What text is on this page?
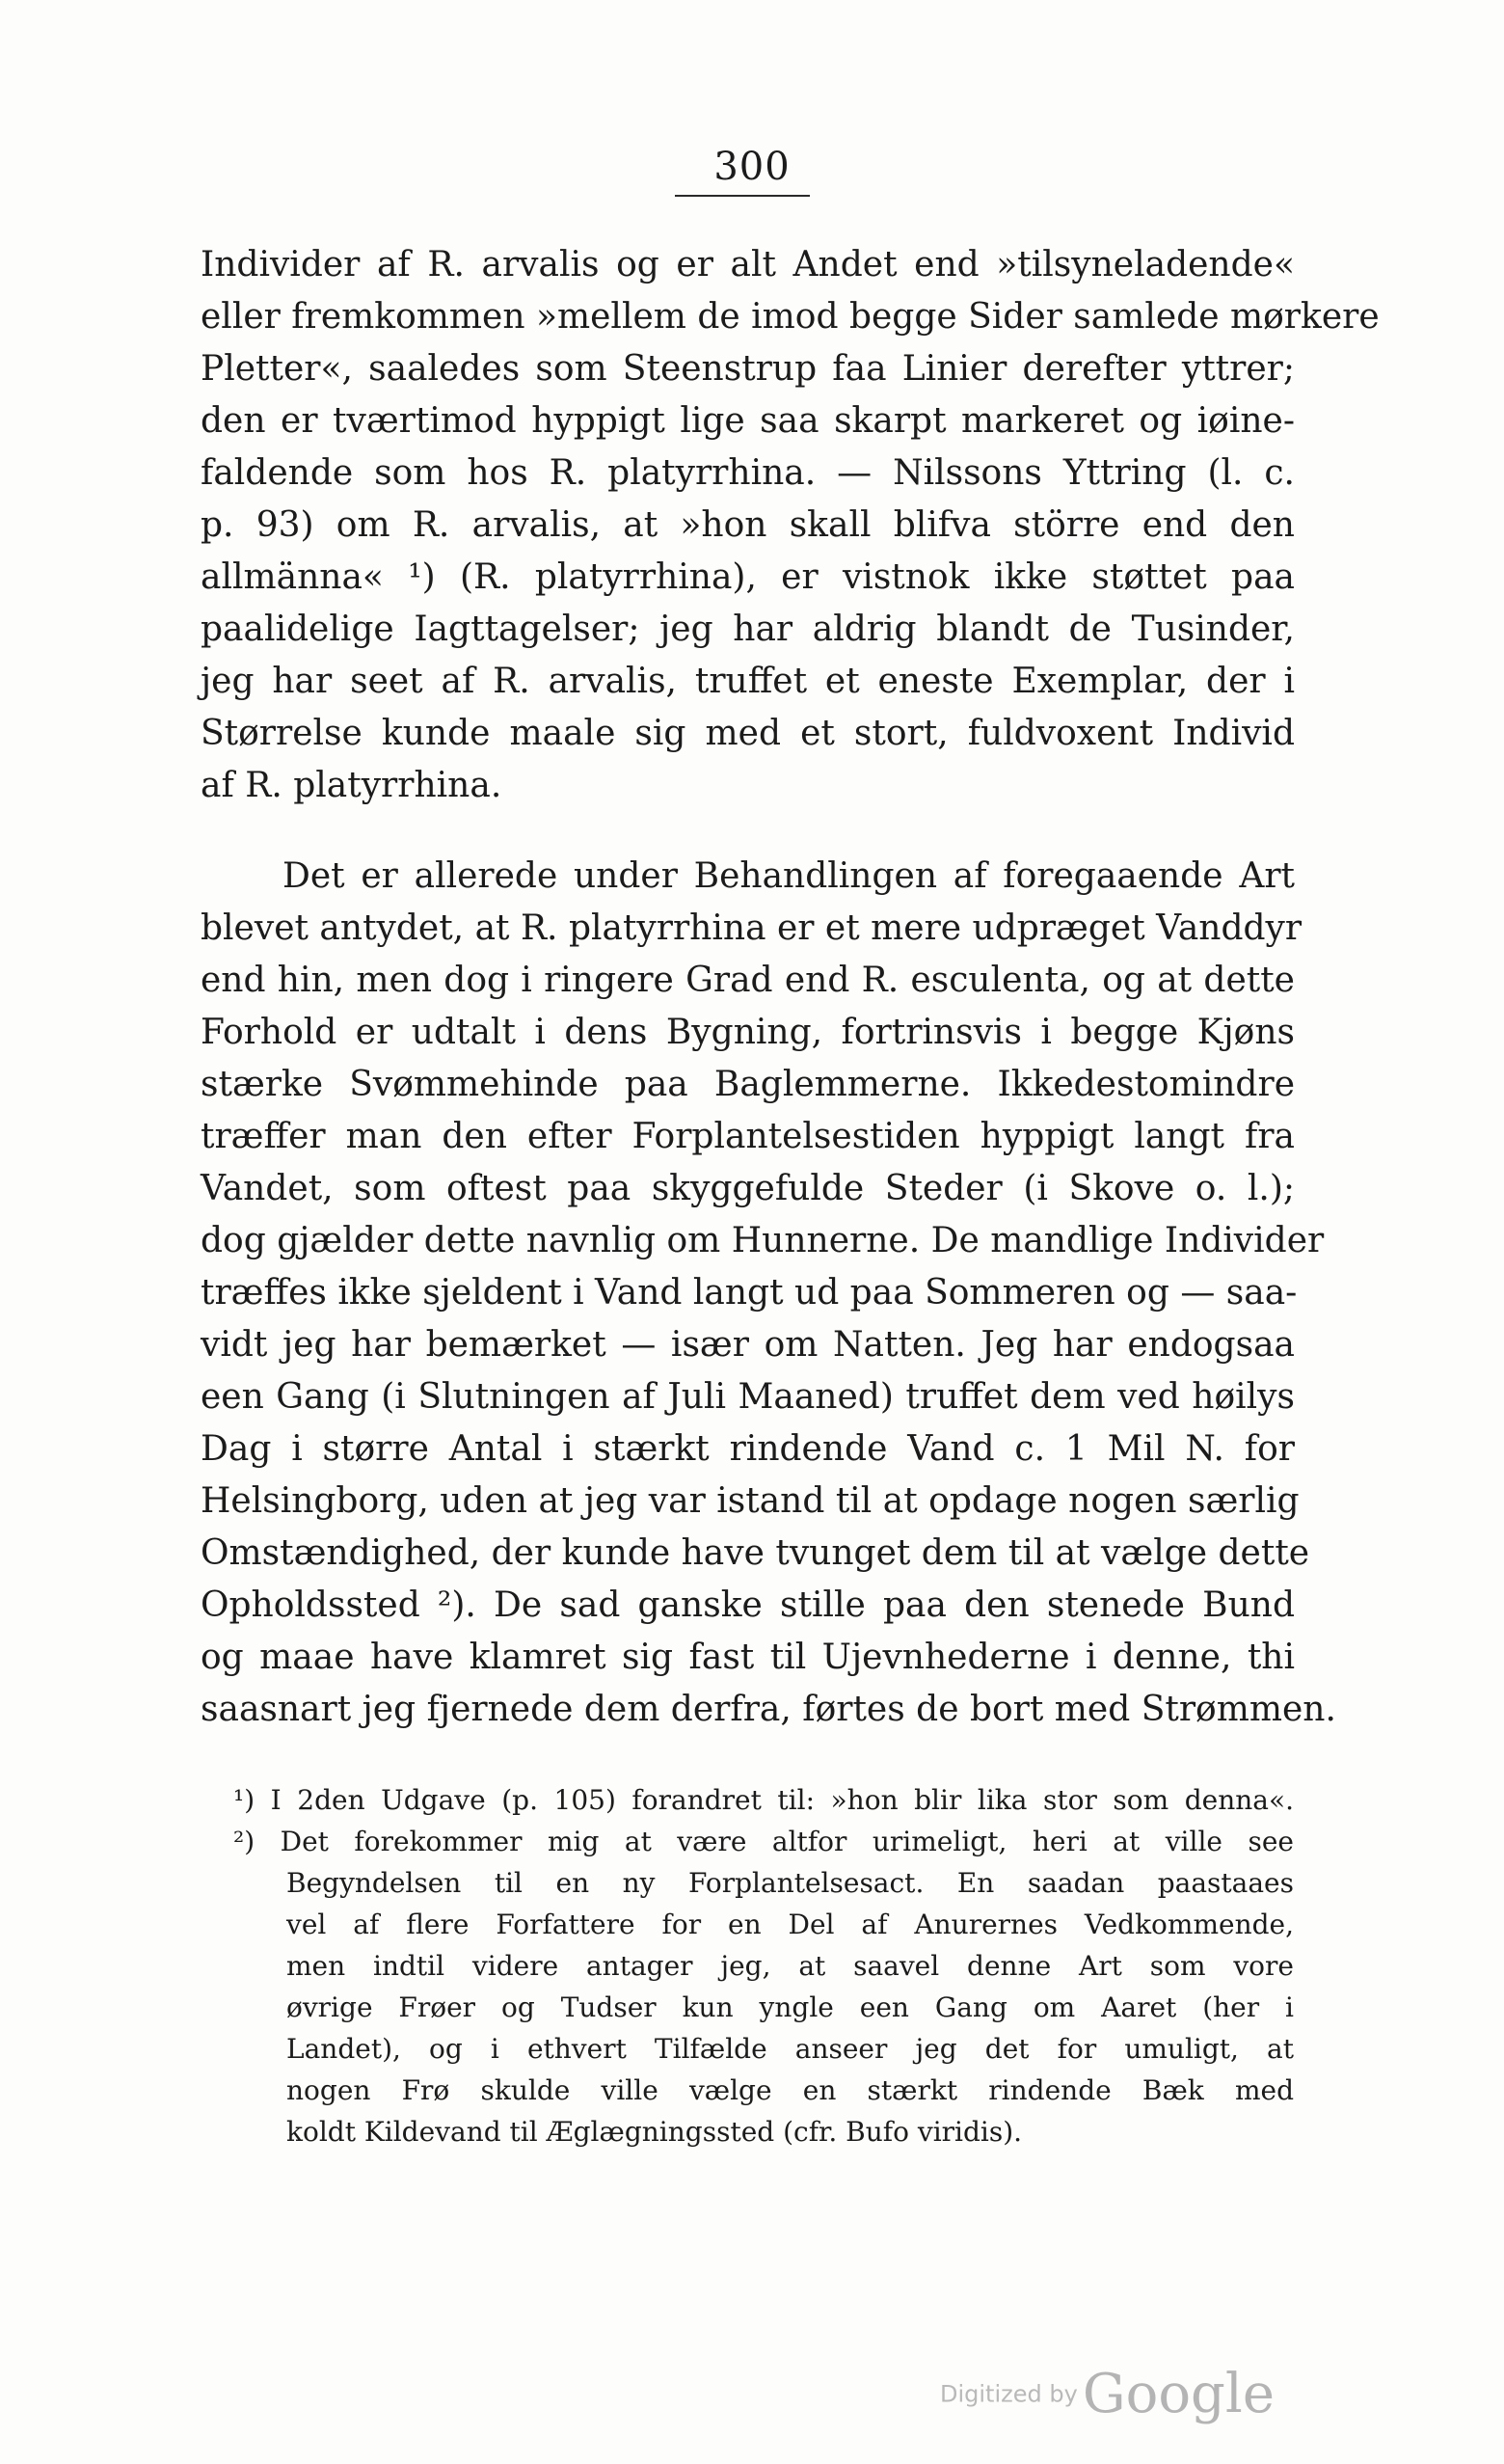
300
Individer af R. arvalis og er alt Andet end »tilsyneladende«
eller fremkommen »mellem de imod begge Sider samlede mørkere
Pletter«, saaledes som Steenstrup faa Linier derefter yttrer;
den er tværtimod hyppigt lige saa skarpt markeret og iøine-
faldende som hos R. platyrrhina. — Nilssons Yttring (l. c.
p. 93) om R. arvalis, at »hon skall blifva större end den
allmänna« ¹) (R. platyrrhina), er vistnok ikke støttet paa
paalidelige Iagttagelser; jeg har aldrig blandt de Tusinder,
jeg har seet af R. arvalis, truffet et eneste Exemplar, der i
Størrelse kunde maale sig med et stort, fuldvoxent Individ
af R. platyrrhina.
Det er allerede under Behandlingen af foregaaende Art
blevet antydet, at R. platyrrhina er et mere udpræget Vanddyr
end hin, men dog i ringere Grad end R. esculenta, og at dette
Forhold er udtalt i dens Bygning, fortrinsvis i begge Kjøns
stærke Svømmehinde paa Baglemmerne. Ikkedestomindre
træffer man den efter Forplantelsestiden hyppigt langt fra
Vandet, som oftest paa skyggefulde Steder (i Skove o. l.);
dog gjælder dette navnlig om Hunnerne. De mandlige Individer
træffes ikke sjeldent i Vand langt ud paa Sommeren og — saa-
vidt jeg har bemærket — især om Natten. Jeg har endogsaa
een Gang (i Slutningen af Juli Maaned) truffet dem ved høilys
Dag i større Antal i stærkt rindende Vand c. 1 Mil N. for
Helsingborg, uden at jeg var istand til at opdage nogen særlig
Omstændighed, der kunde have tvunget dem til at vælge dette
Opholdssted ²). De sad ganske stille paa den stenede Bund
og maae have klamret sig fast til Ujevnhederne i denne, thi
saasnart jeg fjernede dem derfra, førtes de bort med Strømmen.
¹) I 2den Udgave (p. 105) forandret til: »hon blir lika stor som denna«.
²) Det forekommer mig at være altfor urimeligt, heri at ville see
Begyndelsen til en ny Forplantelsesact. En saadan paastaaes
vel af flere Forfattere for en Del af Anurernes Vedkommende,
men indtil videre antager jeg, at saavel denne Art som vore
øvrige Frøer og Tudser kun yngle een Gang om Aaret (her i
Landet), og i ethvert Tilfælde anseer jeg det for umuligt, at
nogen Frø skulde ville vælge en stærkt rindende Bæk med
koldt Kildevand til Æglægningssted (cfr. Bufo viridis).
Digitized by Google
